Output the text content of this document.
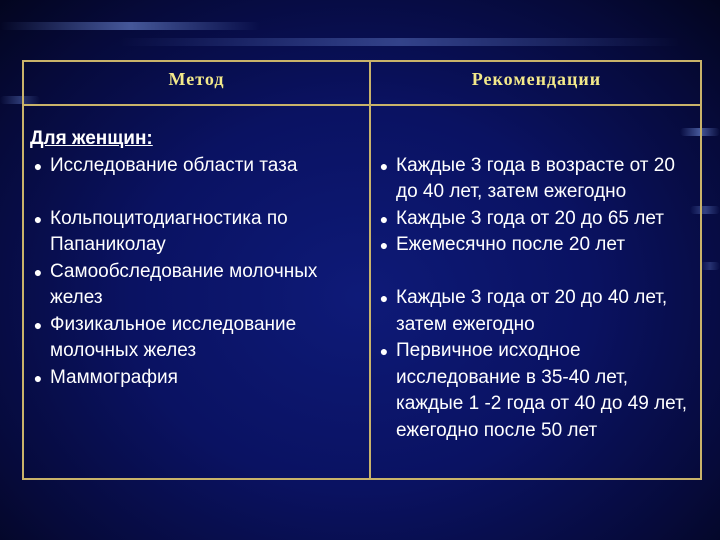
Метод	Рекомендации
Для женщин:
● Исследование области таза
● Кольпоцитодиагностика по Папаниколау
● Самообследование молочных желез
● Физикальное исследование молочных желез
● Маммография
● Каждые 3 года в возрасте от 20 до 40 лет, затем ежегодно
● Каждые 3 года от 20 до 65 лет
● Ежемесячно после 20 лет
● Каждые 3 года от 20 до 40 лет, затем ежегодно
● Первичное исходное исследование в 35-40 лет, каждые 1 -2 года от 40 до 49 лет, ежегодно после 50 лет
